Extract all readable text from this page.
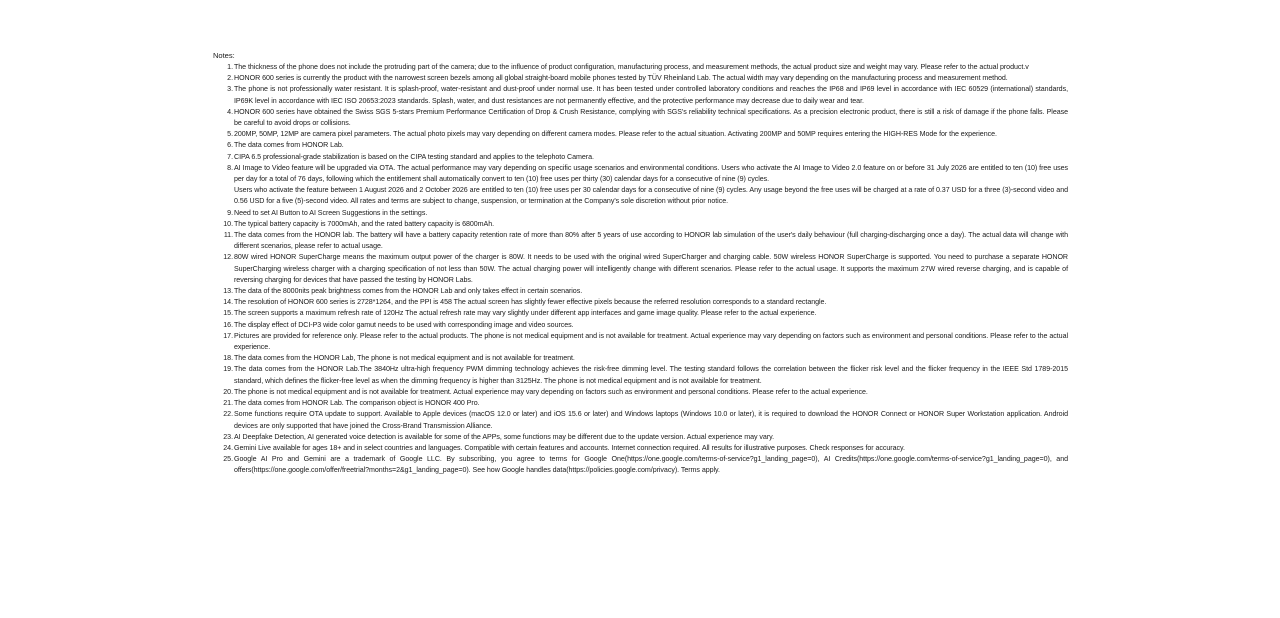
Notes:

1. The thickness of the phone does not include the protruding part of the camera; due to the influence of product configuration, manufacturing process, and measurement methods, the actual product size and weight may vary. Please refer to the actual product.v
2. HONOR 600 series is currently the product with the narrowest screen bezels among all global straight-board mobile phones tested by TÜV Rheinland Lab. The actual width may vary depending on the manufacturing process and measurement method.
3. The phone is not professionally water resistant. It is splash-proof, water-resistant and dust-proof under normal use. It has been tested under controlled laboratory conditions and reaches the IP68 and IP69 level in accordance with IEC 60529 (international) standards, IP69K level in accordance with IEC ISO 20653:2023 standards. Splash, water, and dust resistances are not permanently effective, and the protective performance may decrease due to daily wear and tear.
4. HONOR 600 series have obtained the Swiss SGS 5-stars Premium Performance Certification of Drop & Crush Resistance, complying with SGS's reliability technical specifications. As a precision electronic product, there is still a risk of damage if the phone falls. Please be careful to avoid drops or collisions.
5. 200MP, 50MP, 12MP are camera pixel parameters. The actual photo pixels may vary depending on different camera modes. Please refer to the actual situation. Activating 200MP and 50MP requires entering the HIGH-RES Mode for the experience.
6. The data comes from HONOR Lab.
7. CIPA 6.5 professional-grade stabilization is based on the CIPA testing standard and applies to the telephoto Camera.
8. AI Image to Video feature will be upgraded via OTA. The actual performance may vary depending on specific usage scenarios and environmental conditions. Users who activate the AI Image to Video 2.0 feature on or before 31 July 2026 are entitled to ten (10) free uses per day for a total of 76 days, following which the entitlement shall automatically convert to ten (10) free uses per thirty (30) calendar days for a consecutive of nine (9) cycles.
Users who activate the feature between 1 August 2026 and 2 October 2026 are entitled to ten (10) free uses per 30 calendar days for a consecutive of nine (9) cycles. Any usage beyond the free uses will be charged at a rate of 0.37 USD for a three (3)-second video and 0.56 USD for a five (5)-second video. All rates and terms are subject to change, suspension, or termination at the Company's sole discretion without prior notice.
9. Need to set AI Button to AI Screen Suggestions in the settings.
10. The typical battery capacity is 7000mAh, and the rated battery capacity is 6800mAh.
11. The data comes from the HONOR lab. The battery will have a battery capacity retention rate of more than 80% after 5 years of use according to HONOR lab simulation of the user's daily behaviour (full charging-discharging once a day). The actual data will change with different scenarios, please refer to actual usage.
12. 80W wired HONOR SuperCharge means the maximum output power of the charger is 80W. It needs to be used with the original wired SuperCharger and charging cable. 50W wireless HONOR SuperCharge is supported. You need to purchase a separate HONOR SuperCharging wireless charger with a charging specification of not less than 50W. The actual charging power will intelligently change with different scenarios. Please refer to the actual usage. It supports the maximum 27W wired reverse charging, and is capable of reversing charging for devices that have passed the testing by HONOR Labs.
13. The data of the 8000nits peak brightness comes from the HONOR Lab and only takes effect in certain scenarios.
14. The resolution of HONOR 600 series is 2728*1264, and the PPI is 458 The actual screen has slightly fewer effective pixels because the referred resolution corresponds to a standard rectangle.
15. The screen supports a maximum refresh rate of 120Hz The actual refresh rate may vary slightly under different app interfaces and game image quality. Please refer to the actual experience.
16. The display effect of DCI-P3 wide color gamut needs to be used with corresponding image and video sources.
17. Pictures are provided for reference only. Please refer to the actual products. The phone is not medical equipment and is not available for treatment. Actual experience may vary depending on factors such as environment and personal conditions. Please refer to the actual experience.
18. The data comes from the HONOR Lab, The phone is not medical equipment and is not available for treatment.
19. The data comes from the HONOR Lab.The 3840Hz ultra-high frequency PWM dimming technology achieves the risk-free dimming level. The testing standard follows the correlation between the flicker risk level and the flicker frequency in the IEEE Std 1789-2015 standard, which defines the flicker-free level as when the dimming frequency is higher than 3125Hz. The phone is not medical equipment and is not available for treatment.
20. The phone is not medical equipment and is not available for treatment. Actual experience may vary depending on factors such as environment and personal conditions. Please refer to the actual experience.
21. The data comes from HONOR Lab. The comparison object is HONOR 400 Pro.
22. Some functions require OTA update to support. Available to Apple devices (macOS 12.0 or later) and iOS 15.6 or later) and Windows laptops (Windows 10.0 or later), it is required to download the HONOR Connect or HONOR Super Workstation application. Android devices are only supported that have joined the Cross-Brand Transmission Alliance.
23. AI Deepfake Detection, AI generated voice detection is available for some of the APPs, some functions may be different due to the update version. Actual experience may vary.
24. Gemini Live available for ages 18+ and in select countries and languages. Compatible with certain features and accounts. Internet connection required. All results for illustrative purposes. Check responses for accuracy.
25. Google AI Pro and Gemini are a trademark of Google LLC. By subscribing, you agree to terms for Google One(https://one.google.com/terms-of-service?g1_landing_page=0), AI Credits(https://one.google.com/terms-of-service?g1_landing_page=0), and offers(https://one.google.com/offer/freetrial?months=2&g1_landing_page=0). See how Google handles data(https://policies.google.com/privacy). Terms apply.
